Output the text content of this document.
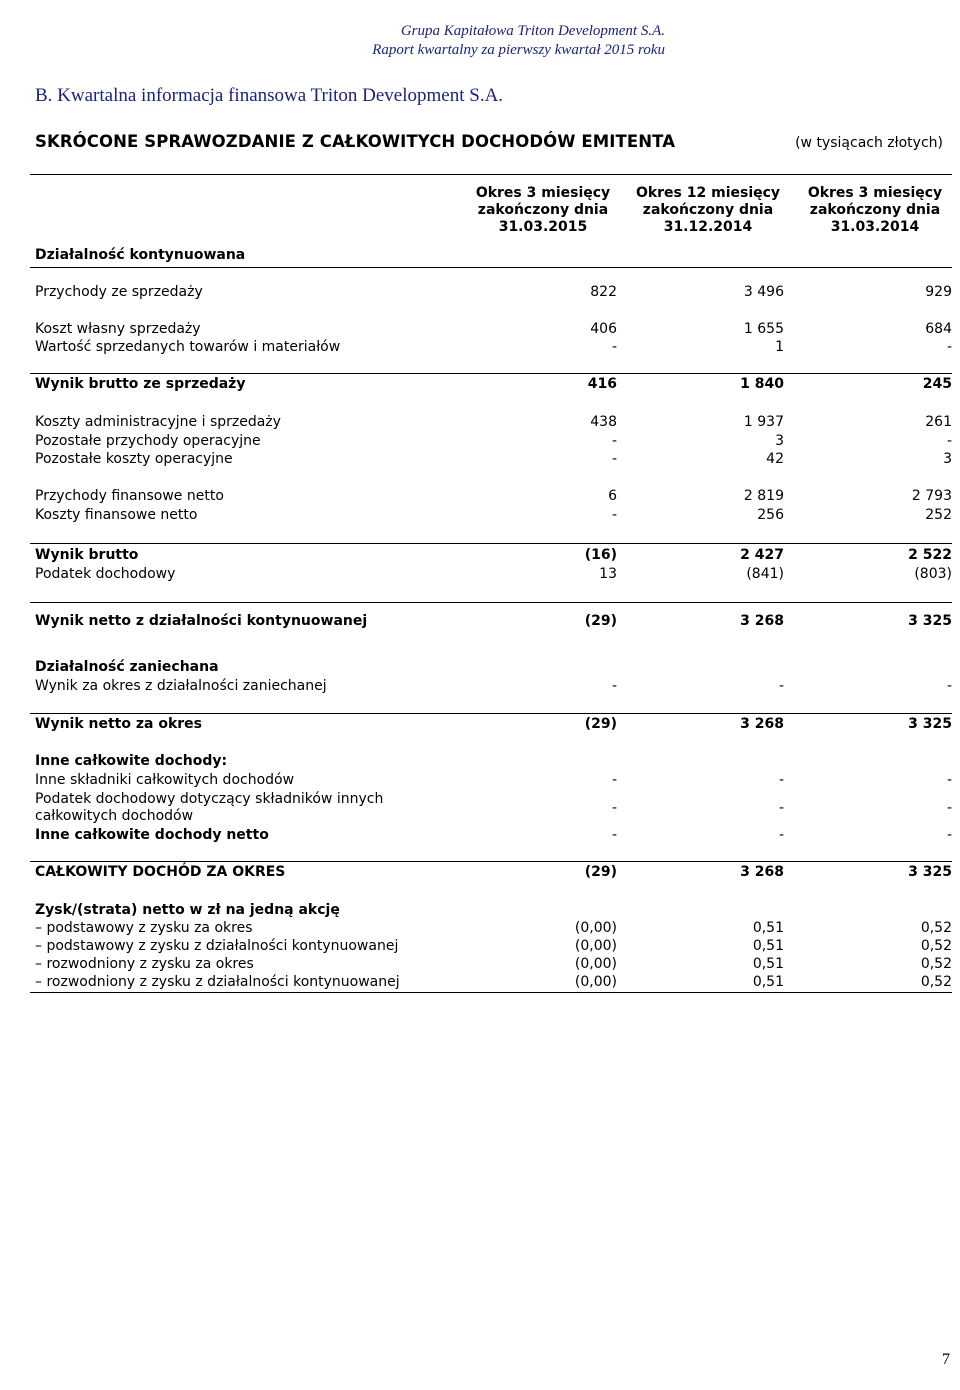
Grupa Kapitałowa Triton Development S.A.
Raport kwartalny za pierwszy kwartał 2015 roku
B. Kwartalna informacja finansowa Triton Development S.A.
SKRÓCONE SPRAWOZDANIE Z CAŁKOWITYCH DOCHODÓW EMITENTA	(w tysiącach złotych)
Okres 3 miesięcy
zakończony dnia
31.03.2015
Okres 12 miesięcy
zakończony dnia
31.12.2014
Okres 3 miesięcy
zakończony dnia
31.03.2014
Działalność kontynuowana
Przychody ze sprzedaży	822	3 496	929
Koszt własny sprzedaży	406	1 655	684
Wartość sprzedanych towarów i materiałów	-	1	-
Wynik brutto ze sprzedaży	416	1 840	245
Koszty administracyjne i sprzedaży	438	1 937	261
Pozostałe przychody operacyjne	-	3	-
Pozostałe koszty operacyjne	-	42	3
Przychody finansowe netto	6	2 819	2 793
Koszty finansowe netto	-	256	252
Wynik brutto	(16)	2 427	2 522
Podatek dochodowy	13	(841)	(803)
Wynik netto z działalności kontynuowanej	(29)	3 268	3 325
Działalność zaniechana
Wynik za okres z działalności zaniechanej	-	-	-
Wynik netto za okres	(29)	3 268	3 325
Inne całkowite dochody:
Inne składniki całkowitych dochodów	-	-	-
Podatek dochodowy dotyczący składników innych
całkowitych dochodów	-	-	-
Inne całkowite dochody netto	-	-	-
CAŁKOWITY DOCHÓD ZA OKRES	(29)	3 268	3 325
Zysk/(strata) netto w zł na jedną akcję
– podstawowy z zysku za okres	(0,00)	0,51	0,52
– podstawowy z zysku z działalności kontynuowanej	(0,00)	0,51	0,52
– rozwodniony z zysku za okres	(0,00)	0,51	0,52
– rozwodniony z zysku z działalności kontynuowanej	(0,00)	0,51	0,52
7
